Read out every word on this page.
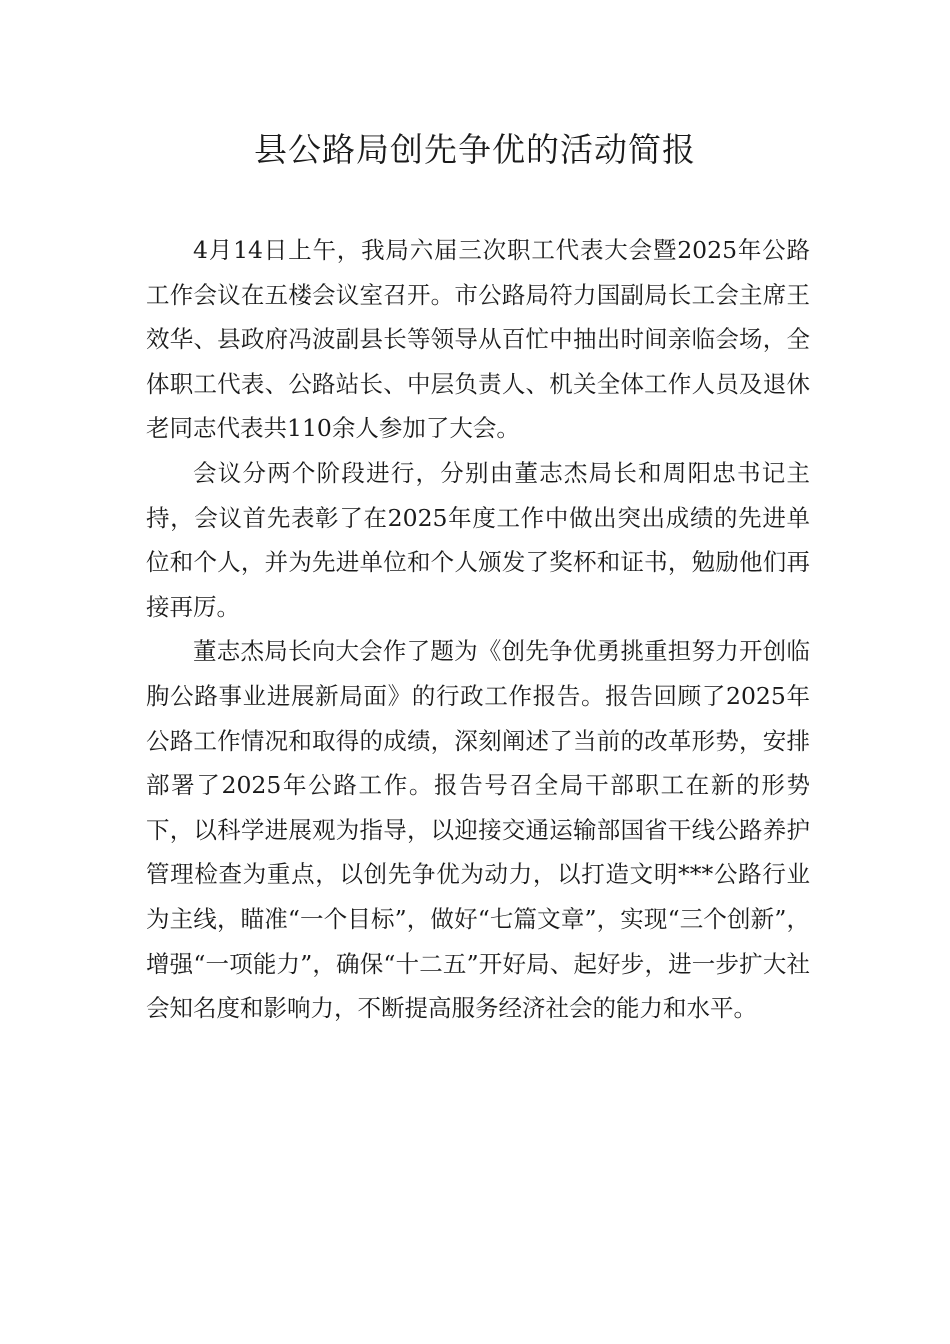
县公路局创先争优的活动简报

4月14日上午，我局六届三次职工代表大会暨2025年公路工作会议在五楼会议室召开。市公路局符力国副局长工会主席王效华、县政府冯波副县长等领导从百忙中抽出时间亲临会场，全体职工代表、公路站长、中层负责人、机关全体工作人员及退休老同志代表共110余人参加了大会。

会议分两个阶段进行，分别由董志杰局长和周阳忠书记主持，会议首先表彰了在2025年度工作中做出突出成绩的先进单位和个人，并为先进单位和个人颁发了奖杯和证书，勉励他们再接再厉。

董志杰局长向大会作了题为《创先争优勇挑重担努力开创临朐公路事业进展新局面》的行政工作报告。报告回顾了2025年公路工作情况和取得的成绩，深刻阐述了当前的改革形势，安排部署了2025年公路工作。报告号召全局干部职工在新的形势下，以科学进展观为指导，以迎接交通运输部国省干线公路养护管理检查为重点，以创先争优为动力，以打造文明***公路行业为主线，瞄准“一个目标”，做好“七篇文章”，实现“三个创新”，增强“一项能力”，确保“十二五”开好局、起好步，进一步扩大社会知名度和影响力，不断提高服务经济社会的能力和水平。
